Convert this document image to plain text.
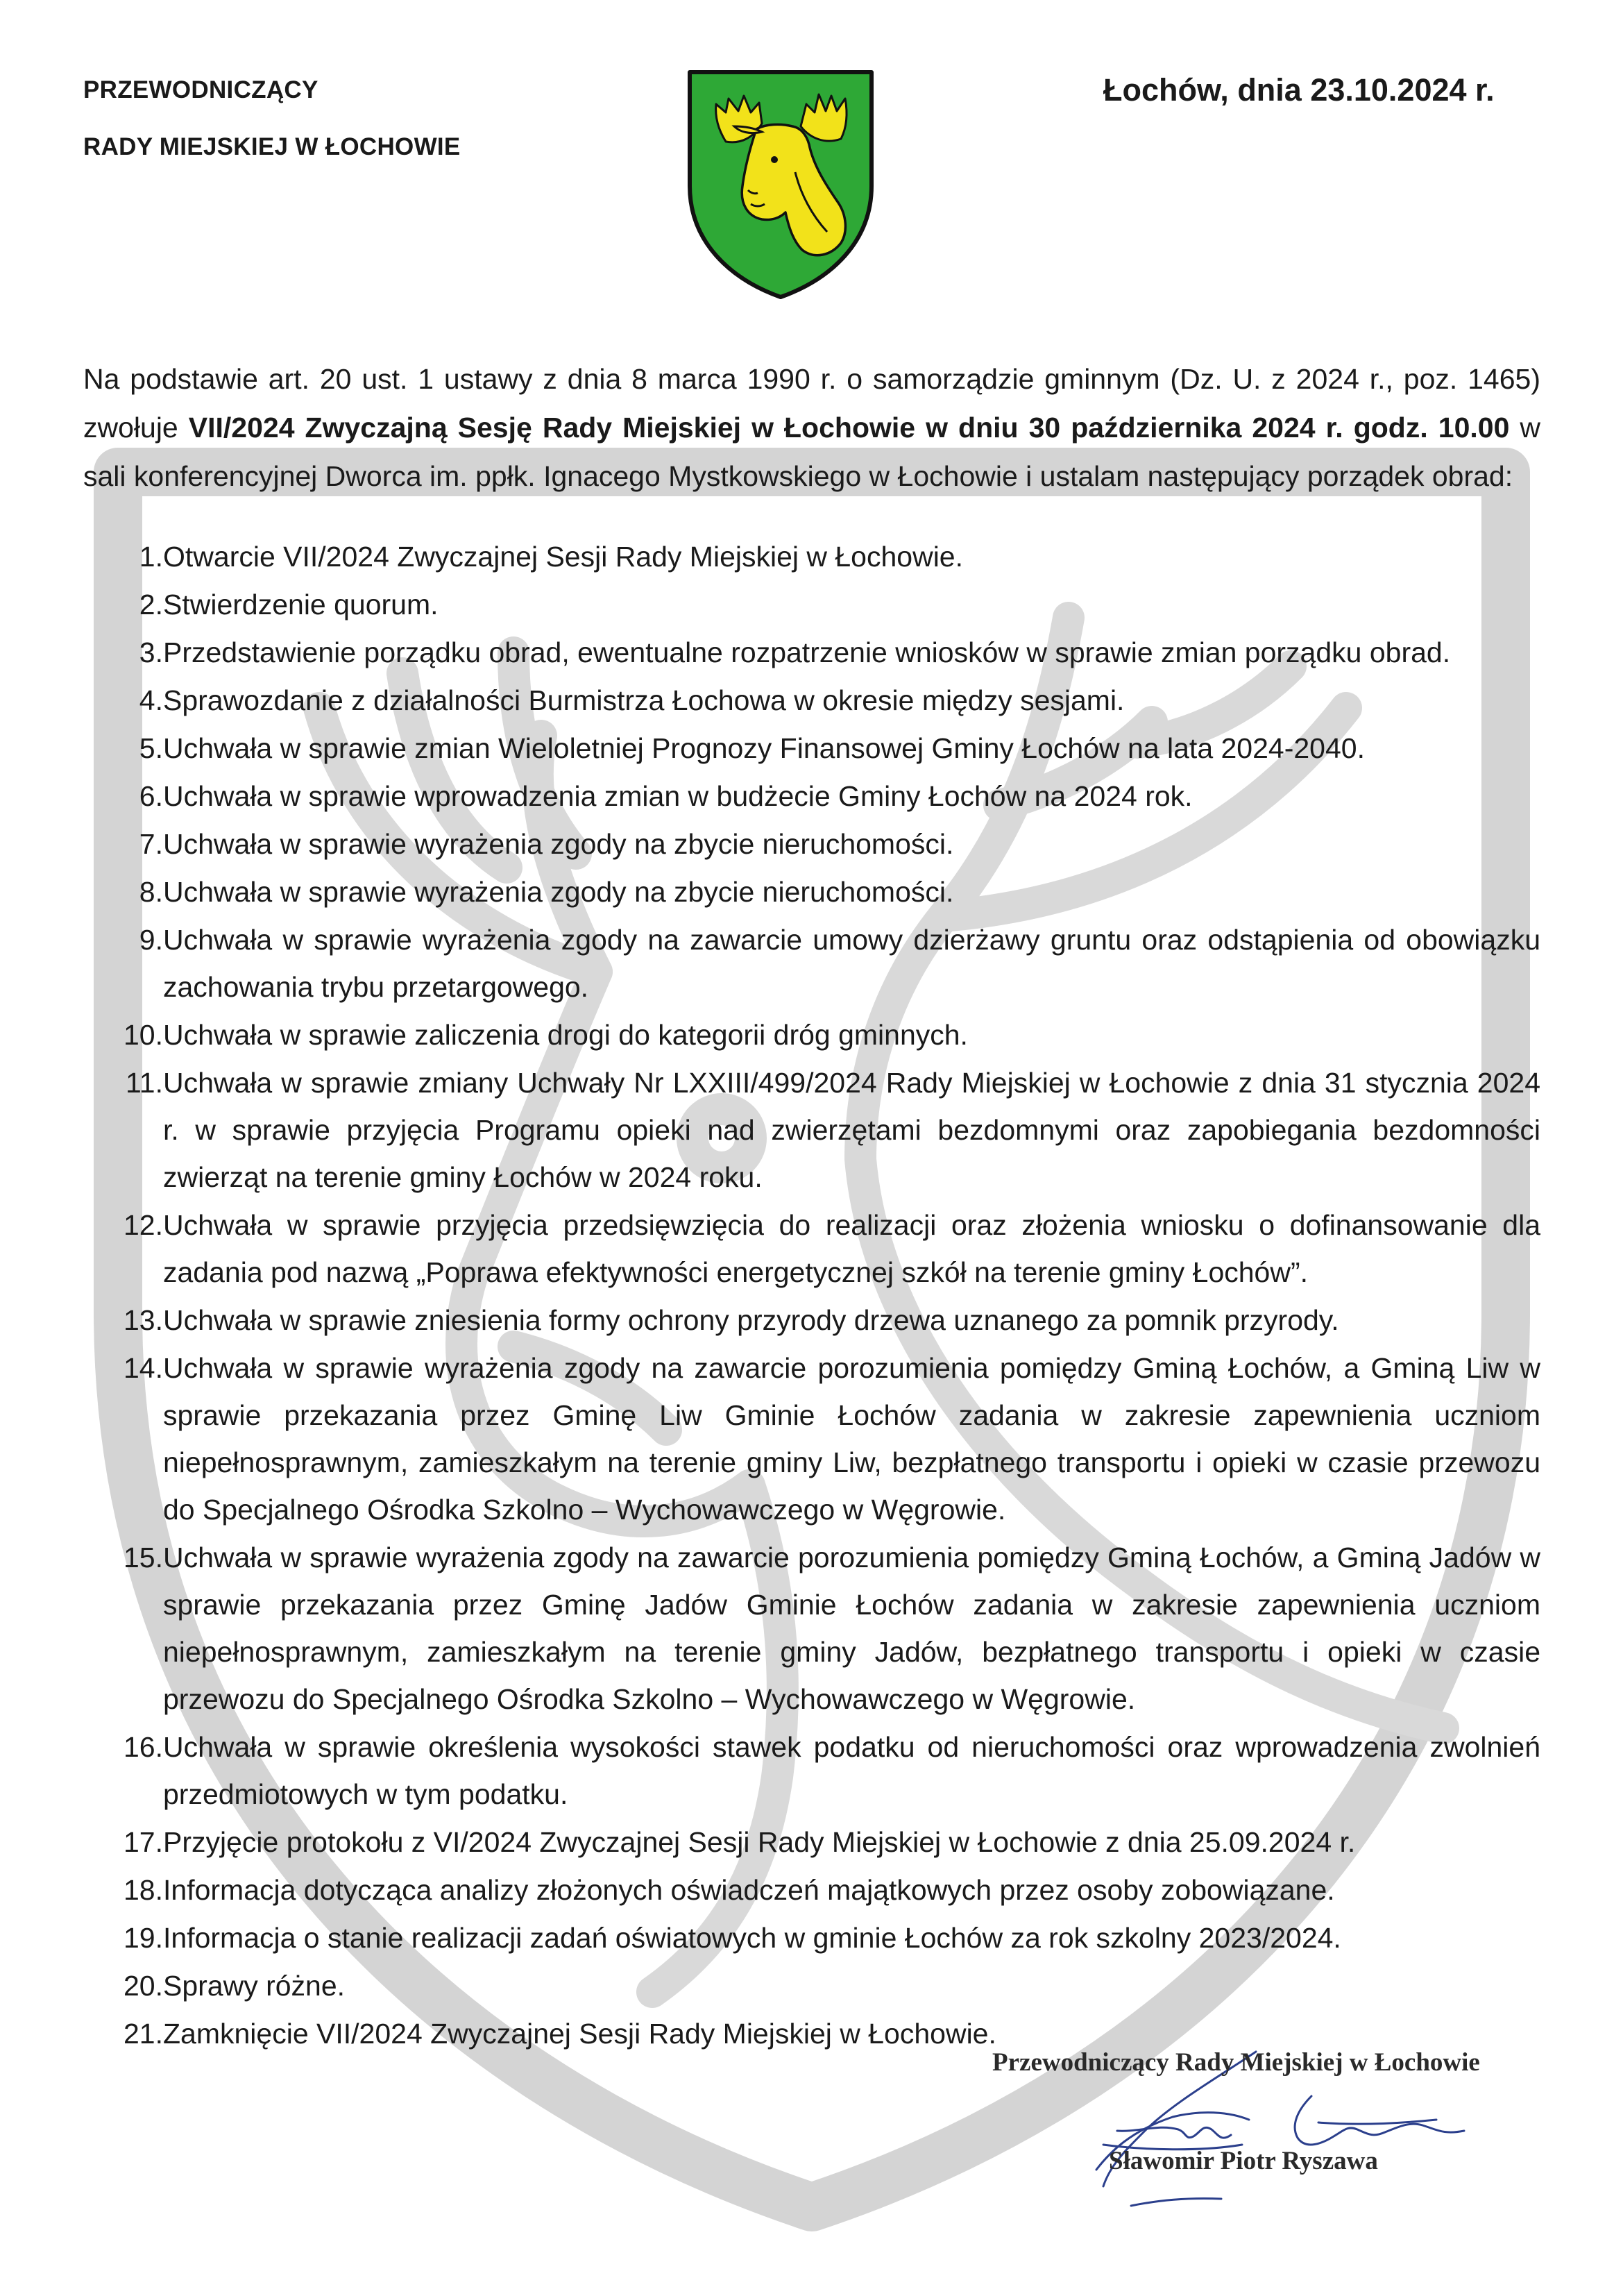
PRZEWODNICZĄCY
RADY MIEJSKIEJ W ŁOCHOWIE
Łochów, dnia 23.10.2024 r.

Na podstawie art. 20 ust. 1 ustawy z dnia 8 marca 1990 r. o samorządzie gminnym (Dz. U. z 2024 r., poz. 1465) zwołuje VII/2024 Zwyczajną Sesję Rady Miejskiej w Łochowie w dniu 30 października 2024 r. godz. 10.00 w sali konferencyjnej Dworca im. ppłk. Ignacego Mystkowskiego w Łochowie i ustalam następujący porządek obrad:

1. Otwarcie VII/2024 Zwyczajnej Sesji Rady Miejskiej w Łochowie.
2. Stwierdzenie quorum.
3. Przedstawienie porządku obrad, ewentualne rozpatrzenie wniosków w sprawie zmian porządku obrad.
4. Sprawozdanie z działalności Burmistrza Łochowa w okresie między sesjami.
5. Uchwała w sprawie zmian Wieloletniej Prognozy Finansowej Gminy Łochów na lata 2024-2040.
6. Uchwała w sprawie wprowadzenia zmian w budżecie Gminy Łochów na 2024 rok.
7. Uchwała w sprawie wyrażenia zgody na zbycie nieruchomości.
8. Uchwała w sprawie wyrażenia zgody na zbycie nieruchomości.
9. Uchwała w sprawie wyrażenia zgody na zawarcie umowy dzierżawy gruntu oraz odstąpienia od obowiązku zachowania trybu przetargowego.
10. Uchwała w sprawie zaliczenia drogi do kategorii dróg gminnych.
11. Uchwała w sprawie zmiany Uchwały Nr LXXIII/499/2024 Rady Miejskiej w Łochowie z dnia 31 stycznia 2024 r. w sprawie przyjęcia Programu opieki nad zwierzętami bezdomnymi oraz zapobiegania bezdomności zwierząt na terenie gminy Łochów w 2024 roku.
12. Uchwała w sprawie przyjęcia przedsięwzięcia do realizacji oraz złożenia wniosku o dofinansowanie dla zadania pod nazwą „Poprawa efektywności energetycznej szkół na terenie gminy Łochów”.
13. Uchwała w sprawie zniesienia formy ochrony przyrody drzewa uznanego za pomnik przyrody.
14. Uchwała w sprawie wyrażenia zgody na zawarcie porozumienia pomiędzy Gminą Łochów, a Gminą Liw w sprawie przekazania przez Gminę Liw Gminie Łochów zadania w zakresie zapewnienia uczniom niepełnosprawnym, zamieszkałym na terenie gminy Liw, bezpłatnego transportu i opieki w czasie przewozu do Specjalnego Ośrodka Szkolno – Wychowawczego w Węgrowie.
15. Uchwała w sprawie wyrażenia zgody na zawarcie porozumienia pomiędzy Gminą Łochów, a Gminą Jadów w sprawie przekazania przez Gminę Jadów Gminie Łochów zadania w zakresie zapewnienia uczniom niepełnosprawnym, zamieszkałym na terenie gminy Jadów, bezpłatnego transportu i opieki w czasie przewozu do Specjalnego Ośrodka Szkolno – Wychowawczego w Węgrowie.
16. Uchwała w sprawie określenia wysokości stawek podatku od nieruchomości oraz wprowadzenia zwolnień przedmiotowych w tym podatku.
17. Przyjęcie protokołu z VI/2024 Zwyczajnej Sesji Rady Miejskiej w Łochowie z dnia 25.09.2024 r.
18. Informacja dotycząca analizy złożonych oświadczeń majątkowych przez osoby zobowiązane.
19. Informacja o stanie realizacji zadań oświatowych w gminie Łochów za rok szkolny 2023/2024.
20. Sprawy różne.
21. Zamknięcie VII/2024 Zwyczajnej Sesji Rady Miejskiej w Łochowie.
Przewodniczący Rady Miejskiej w Łochowie
Sławomir Piotr Ryszawa
